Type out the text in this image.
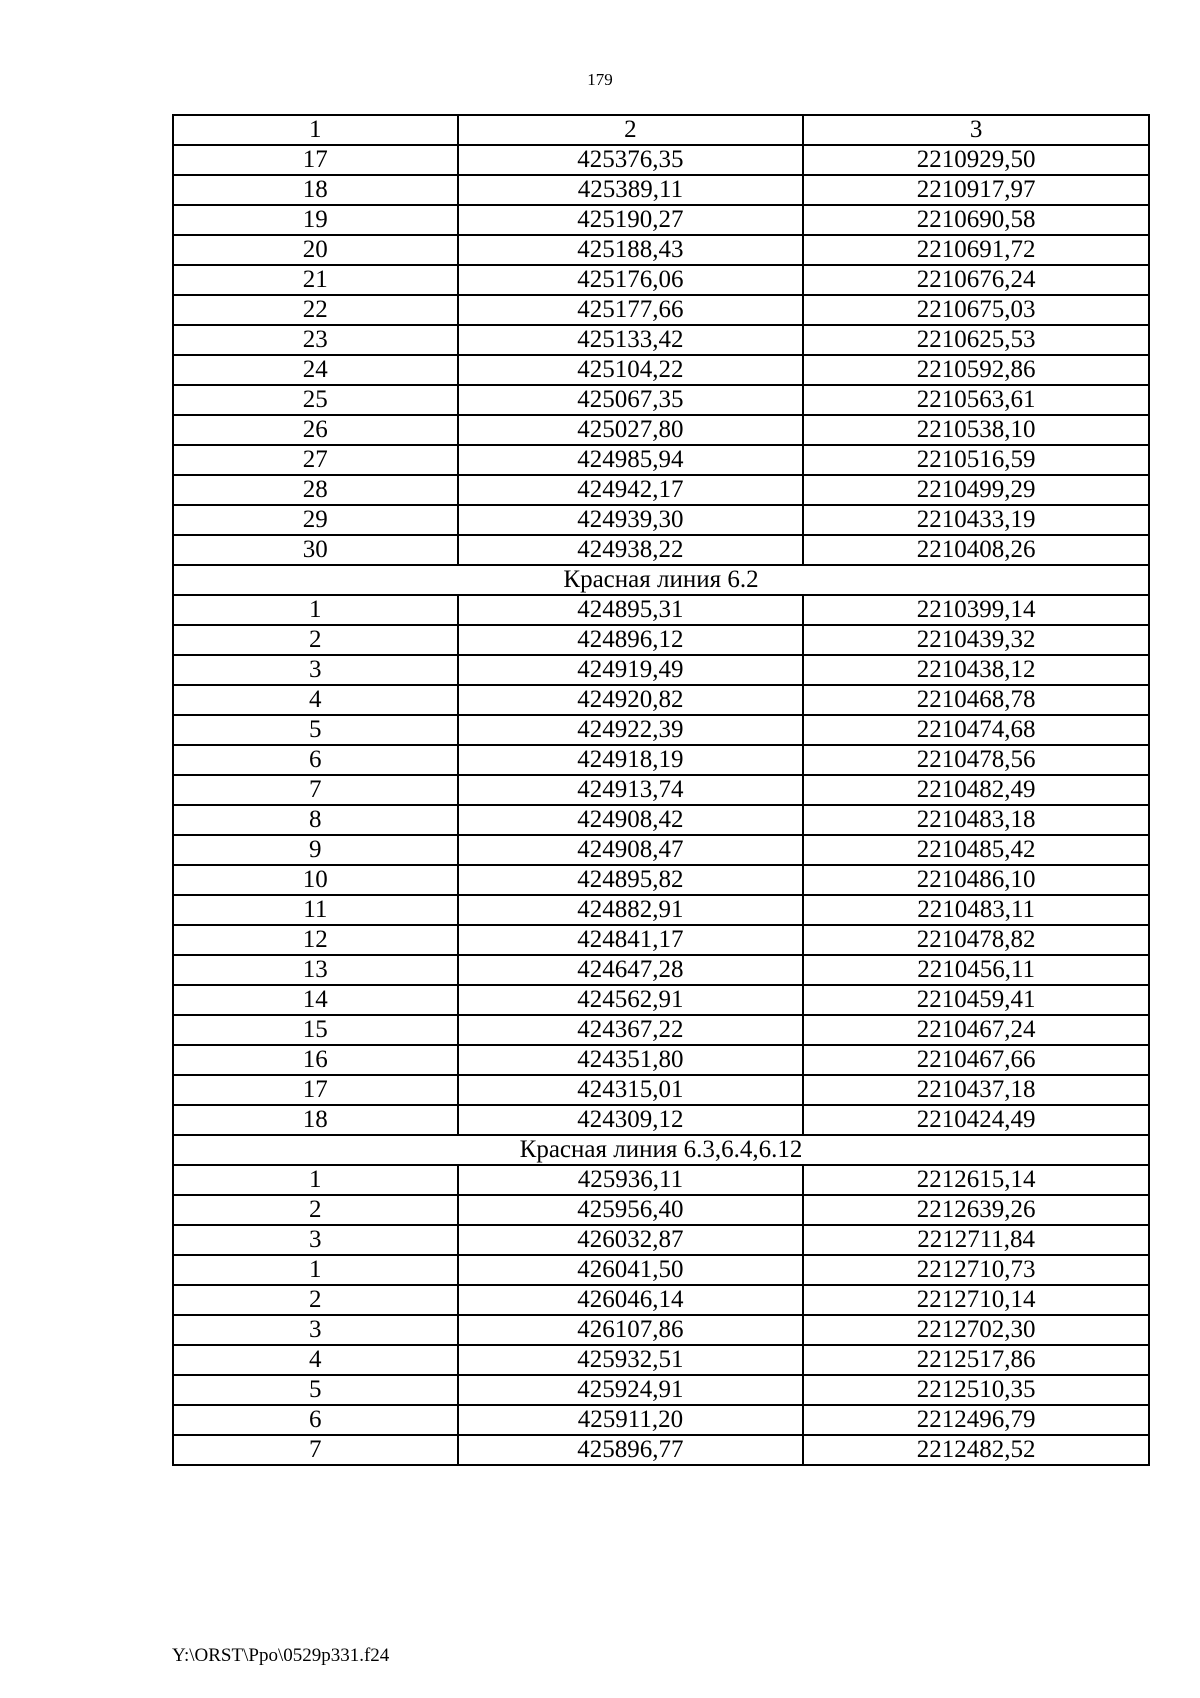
179
1	2	3
17	425376,35	2210929,50
18	425389,11	2210917,97
19	425190,27	2210690,58
20	425188,43	2210691,72
21	425176,06	2210676,24
22	425177,66	2210675,03
23	425133,42	2210625,53
24	425104,22	2210592,86
25	425067,35	2210563,61
26	425027,80	2210538,10
27	424985,94	2210516,59
28	424942,17	2210499,29
29	424939,30	2210433,19
30	424938,22	2210408,26
Красная линия 6.2		
1	424895,31	2210399,14
2	424896,12	2210439,32
3	424919,49	2210438,12
4	424920,82	2210468,78
5	424922,39	2210474,68
6	424918,19	2210478,56
7	424913,74	2210482,49
8	424908,42	2210483,18
9	424908,47	2210485,42
10	424895,82	2210486,10
11	424882,91	2210483,11
12	424841,17	2210478,82
13	424647,28	2210456,11
14	424562,91	2210459,41
15	424367,22	2210467,24
16	424351,80	2210467,66
17	424315,01	2210437,18
18	424309,12	2210424,49
Красная линия 6.3,6.4,6.12		
1	425936,11	2212615,14
2	425956,40	2212639,26
3	426032,87	2212711,84
1	426041,50	2212710,73
2	426046,14	2212710,14
3	426107,86	2212702,30
4	425932,51	2212517,86
5	425924,91	2212510,35
6	425911,20	2212496,79
7	425896,77	2212482,52
Y:\ORST\Ppo\0529p331.f24
